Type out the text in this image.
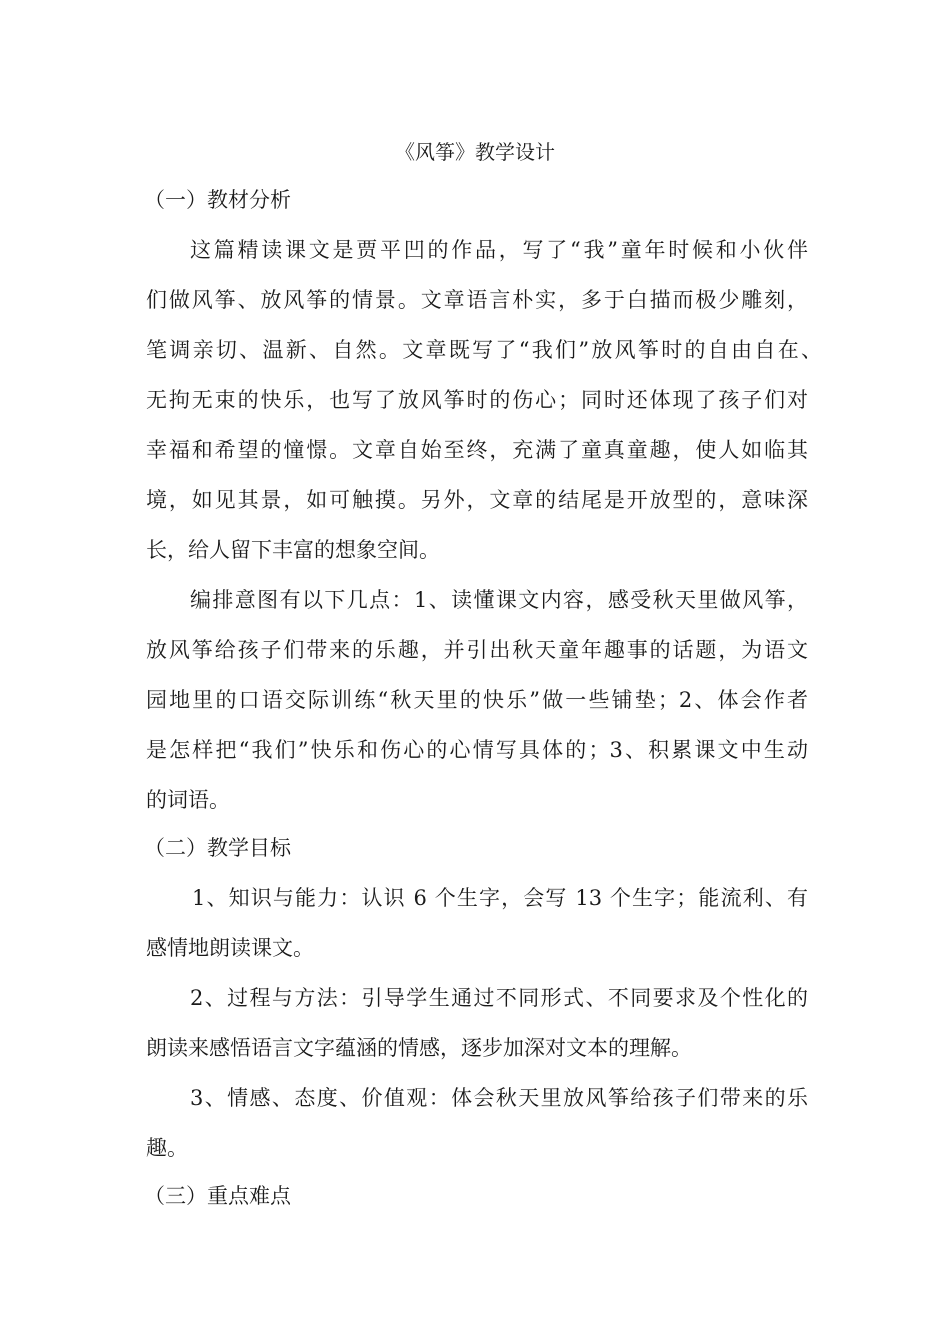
《风筝》教学设计
（一）教材分析
这篇精读课文是贾平凹的作品，写了“我”童年时候和小伙伴
们做风筝、放风筝的情景。文章语言朴实，多于白描而极少雕刻，
笔调亲切、温新、自然。文章既写了“我们”放风筝时的自由自在、
无拘无束的快乐，也写了放风筝时的伤心；同时还体现了孩子们对
幸福和希望的憧憬。文章自始至终，充满了童真童趣，使人如临其
境，如见其景，如可触摸。另外，文章的结尾是开放型的，意味深
长，给人留下丰富的想象空间。
编排意图有以下几点：1、读懂课文内容，感受秋天里做风筝，
放风筝给孩子们带来的乐趣，并引出秋天童年趣事的话题，为语文
园地里的口语交际训练“秋天里的快乐”做一些铺垫；2、体会作者
是怎样把“我们”快乐和伤心的心情写具体的；3、积累课文中生动
的词语。
（二）教学目标
1、知识与能力：认识 6 个生字，会写 13 个生字；能流利、有
感情地朗读课文。
2、过程与方法：引导学生通过不同形式、不同要求及个性化的
朗读来感悟语言文字蕴涵的情感，逐步加深对文本的理解。
3、情感、态度、价值观：体会秋天里放风筝给孩子们带来的乐
趣。
（三）重点难点
